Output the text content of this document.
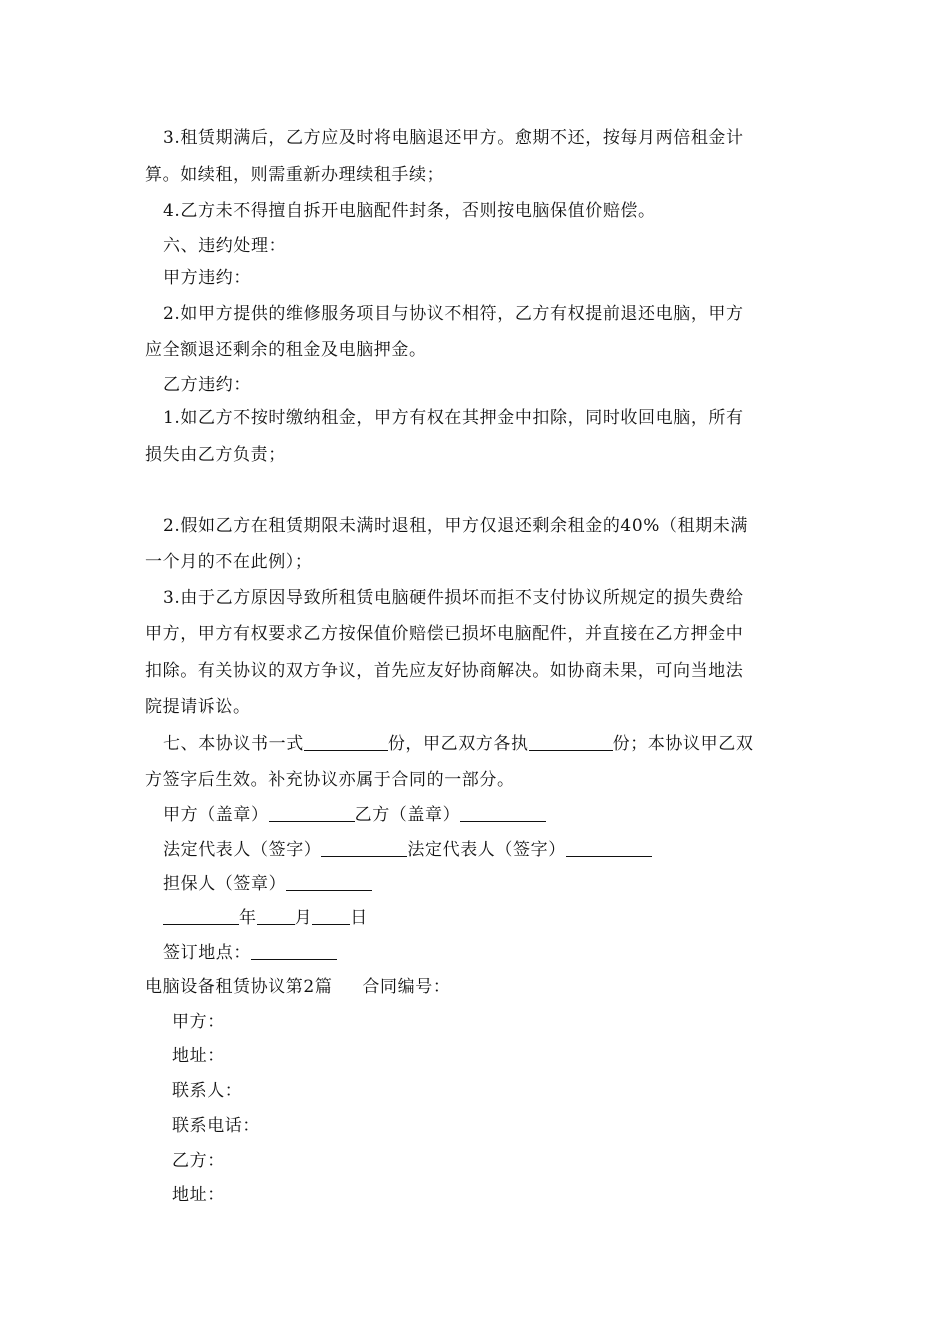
3.租赁期满后，乙方应及时将电脑退还甲方。愈期不还，按每月两倍租金计
算。如续租，则需重新办理续租手续；
4.乙方未不得擅自拆开电脑配件封条，否则按电脑保值价赔偿。
六、违约处理：
甲方违约：
2.如甲方提供的维修服务项目与协议不相符，乙方有权提前退还电脑，甲方
应全额退还剩余的租金及电脑押金。
乙方违约：
1.如乙方不按时缴纳租金，甲方有权在其押金中扣除，同时收回电脑，所有
损失由乙方负责；
2.假如乙方在租赁期限未满时退租，甲方仅退还剩余租金的40%（租期未满
一个月的不在此例）；
3.由于乙方原因导致所租赁电脑硬件损坏而拒不支付协议所规定的损失费给
甲方，甲方有权要求乙方按保值价赔偿已损坏电脑配件，并直接在乙方押金中
扣除。有关协议的双方争议，首先应友好协商解决。如协商未果，可向当地法
院提请诉讼。
七、本协议书一式	份，甲乙双方各执	份；本协议甲乙双
方签字后生效。补充协议亦属于合同的一部分。
甲方（盖章）	乙方（盖章）
法定代表人（签字）	法定代表人（签字）
担保人（签章）
年 月 日
签订地点：
电脑设备租赁协议第2篇 合同编号：
甲方：
地址：
联系人：
联系电话：
乙方：
地址：
